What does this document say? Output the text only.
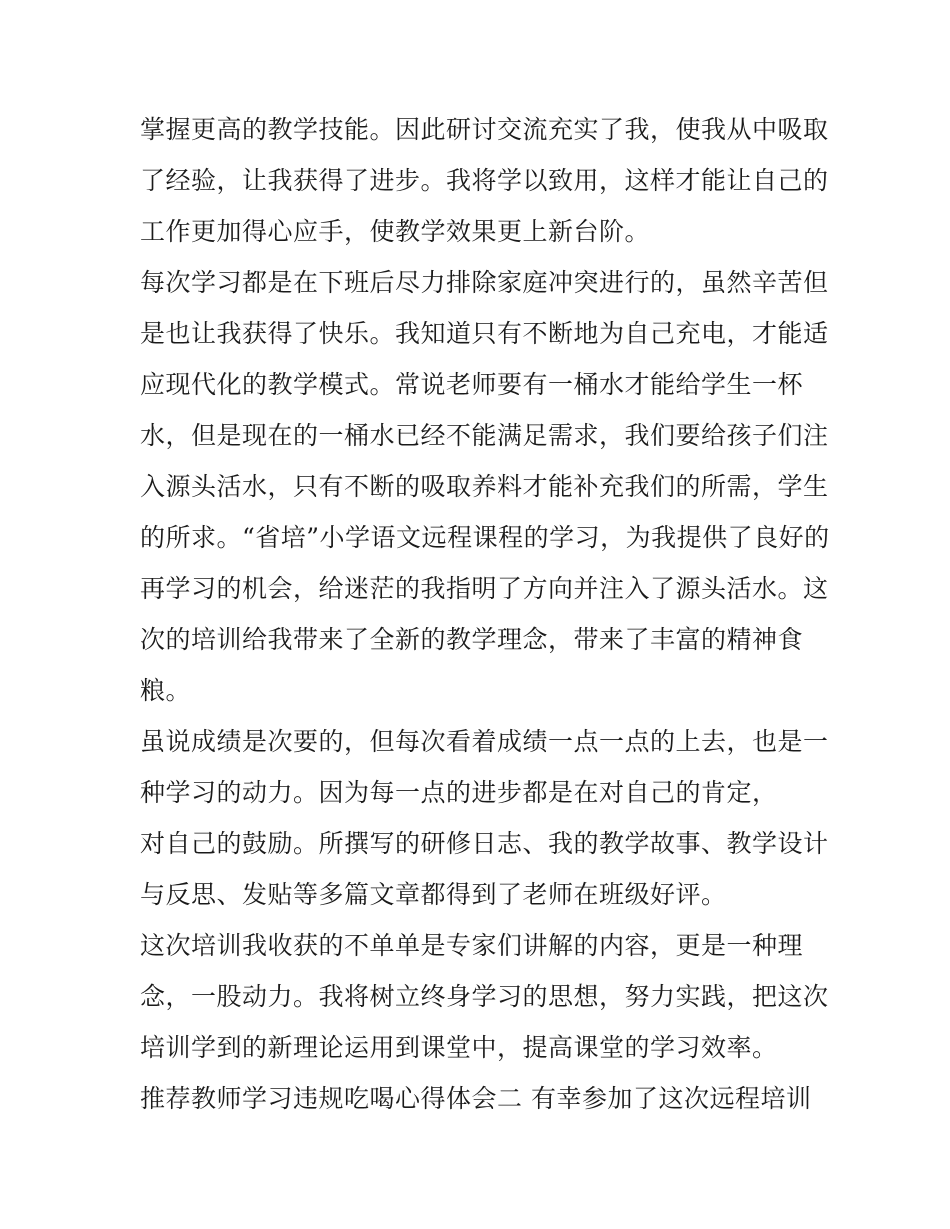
掌握更高的教学技能。因此研讨交流充实了我，使我从中吸取
了经验，让我获得了进步。我将学以致用，这样才能让自己的
工作更加得心应手，使教学效果更上新台阶。
每次学习都是在下班后尽力排除家庭冲突进行的，虽然辛苦但
是也让我获得了快乐。我知道只有不断地为自己充电，才能适
应现代化的教学模式。常说老师要有一桶水才能给学生一杯
水，但是现在的一桶水已经不能满足需求，我们要给孩子们注
入源头活水，只有不断的吸取养料才能补充我们的所需，学生
的所求。“省培”小学语文远程课程的学习，为我提供了良好的
再学习的机会，给迷茫的我指明了方向并注入了源头活水。这
次的培训给我带来了全新的教学理念，带来了丰富的精神食
粮。
虽说成绩是次要的，但每次看着成绩一点一点的上去，也是一
种学习的动力。因为每一点的进步都是在对自己的肯定，
对自己的鼓励。所撰写的研修日志、我的教学故事、教学设计
与反思、发贴等多篇文章都得到了老师在班级好评。
这次培训我收获的不单单是专家们讲解的内容，更是一种理
念，一股动力。我将树立终身学习的思想，努力实践，把这次
培训学到的新理论运用到课堂中，提高课堂的学习效率。
推荐教师学习违规吃喝心得体会二 有幸参加了这次远程培训
